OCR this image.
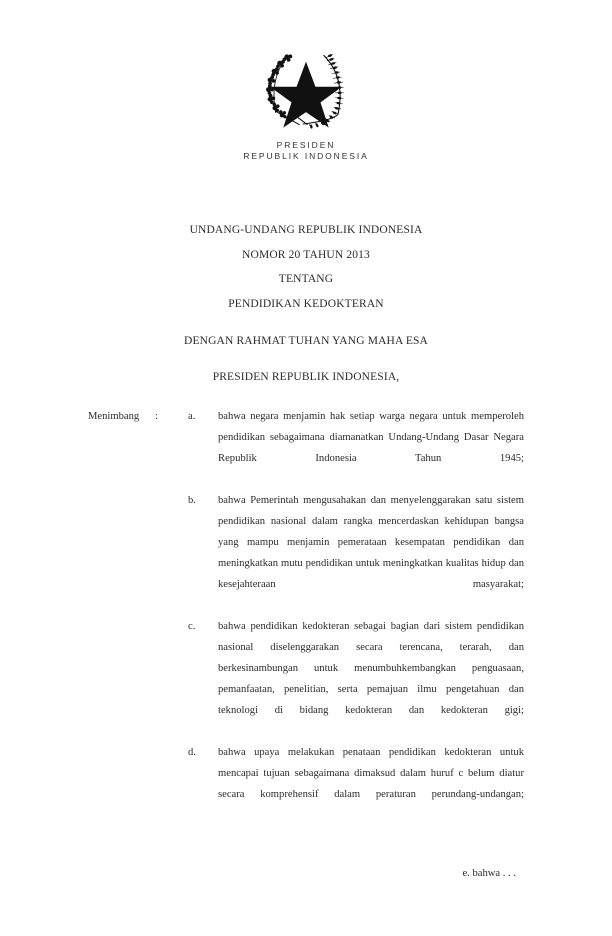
PRESIDEN
REPUBLIK INDONESIA
UNDANG-UNDANG REPUBLIK INDONESIA
NOMOR 20 TAHUN 2013
TENTANG
PENDIDIKAN KEDOKTERAN
DENGAN RAHMAT TUHAN YANG MAHA ESA
PRESIDEN REPUBLIK INDONESIA,
Menimbang	:	a.	bahwa negara menjamin hak setiap warga negara untuk memperoleh pendidikan sebagaimana diamanatkan Undang-Undang Dasar Negara Republik Indonesia Tahun 1945;
b.	bahwa Pemerintah mengusahakan dan menyelenggarakan satu sistem pendidikan nasional dalam rangka mencerdaskan kehidupan bangsa yang mampu menjamin pemerataan kesempatan pendidikan dan meningkatkan mutu pendidikan untuk meningkatkan kualitas hidup dan kesejahteraan masyarakat;
c.	bahwa pendidikan kedokteran sebagai bagian dari sistem pendidikan nasional diselenggarakan secara terencana, terarah, dan berkesinambungan untuk menumbuhkembangkan penguasaan, pemanfaatan, penelitian, serta pemajuan ilmu pengetahuan dan teknologi di bidang kedokteran dan kedokteran gigi;
d.	bahwa upaya melakukan penataan pendidikan kedokteran untuk mencapai tujuan sebagaimana dimaksud dalam huruf c belum diatur secara komprehensif dalam peraturan perundang-undangan;
e. bahwa . . .
